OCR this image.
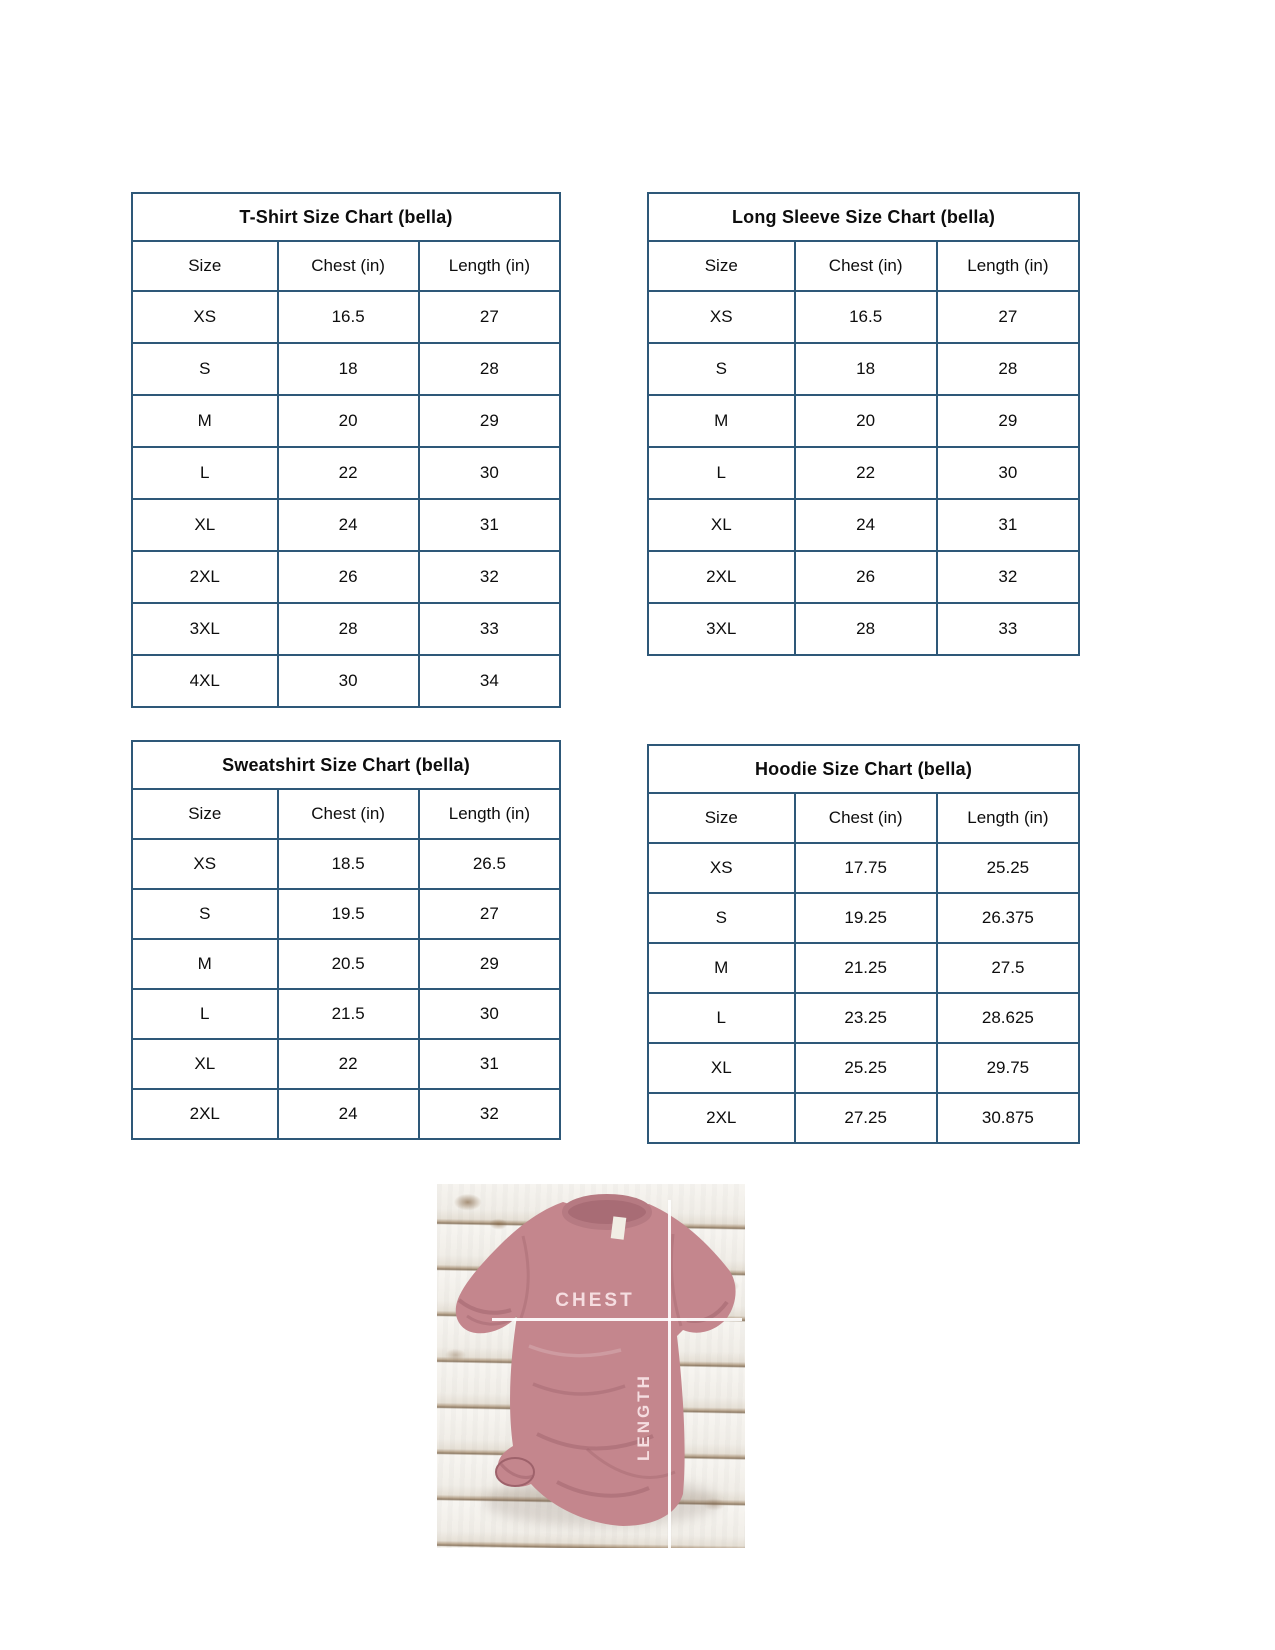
T-Shirt Size Chart (bella)		
Size	Chest (in)	Length (in)
XS	16.5	27
S	18	28
M	20	29
L	22	30
XL	24	31
2XL	26	32
3XL	28	33
4XL	30	34
Long Sleeve Size Chart (bella)		
Size	Chest (in)	Length (in)
XS	16.5	27
S	18	28
M	20	29
L	22	30
XL	24	31
2XL	26	32
3XL	28	33
Sweatshirt Size Chart (bella)		
Size	Chest (in)	Length (in)
XS	18.5	26.5
S	19.5	27
M	20.5	29
L	21.5	30
XL	22	31
2XL	24	32
Hoodie Size Chart (bella)		
Size	Chest (in)	Length (in)
XS	17.75	25.25
S	19.25	26.375
M	21.25	27.5
L	23.25	28.625
XL	25.25	29.75
2XL	27.25	30.875
CHEST
LENGTH
